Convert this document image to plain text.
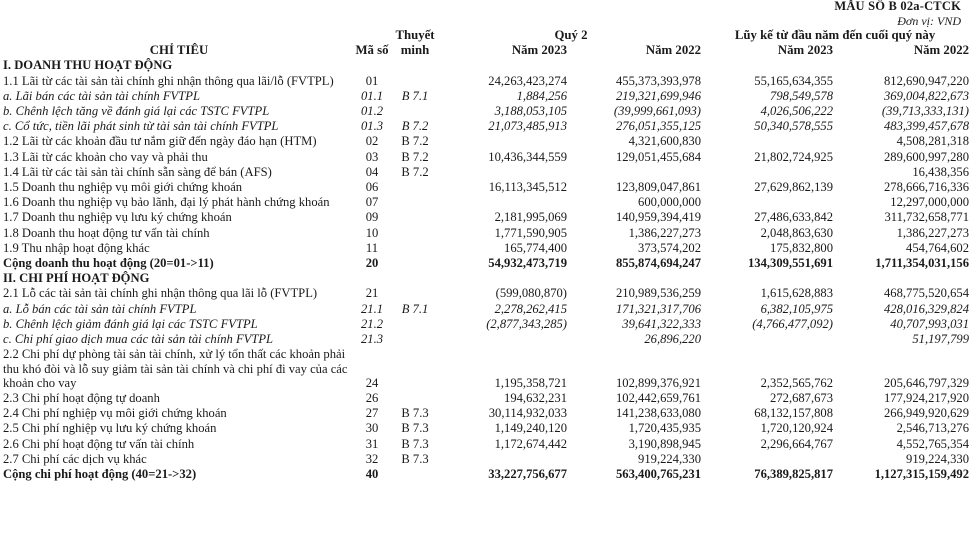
MẪU SỐ B 02a-CTCK
Đơn vị: VND
CHỈ TIÊU	Mã số	Thuyết minh	Quý 2		Lũy kế từ đầu năm đến cuối quý này	
			Năm 2023	Năm 2022	Năm 2023	Năm 2022
I. DOANH THU HOẠT ĐỘNG						
1.1 Lãi từ các tài sản tài chính ghi nhận thông qua lãi/lỗ (FVTPL)	01		24,263,423,274	455,373,393,978	55,165,634,355	812,690,947,220
a. Lãi bán các tài sản tài chính FVTPL	01.1	B 7.1	1,884,256	219,321,699,946	798,549,578	369,004,822,673
b. Chênh lệch tăng về đánh giá lại các TSTC FVTPL	01.2		3,188,053,105	(39,999,661,093)	4,026,506,222	(39,713,333,131)
c. Cổ tức, tiền lãi phát sinh từ tài sản tài chính FVTPL	01.3	B 7.2	21,073,485,913	276,051,355,125	50,340,578,555	483,399,457,678
1.2 Lãi từ các khoản đầu tư nắm giữ đến ngày đáo hạn (HTM)	02	B 7.2		4,321,600,830		4,508,281,318
1.3 Lãi từ các khoản cho vay và phải thu	03	B 7.2	10,436,344,559	129,051,455,684	21,802,724,925	289,600,997,280
1.4 Lãi từ các tài sản tài chính sẵn sàng để bán (AFS)	04	B 7.2				16,438,356
1.5 Doanh thu nghiệp vụ môi giới chứng khoán	06		16,113,345,512	123,809,047,861	27,629,862,139	278,666,716,336
1.6 Doanh thu nghiệp vụ bảo lãnh, đại lý phát hành chứng khoán	07			600,000,000		12,297,000,000
1.7 Doanh thu nghiệp vụ lưu ký chứng khoán	09		2,181,995,069	140,959,394,419	27,486,633,842	311,732,658,771
1.8 Doanh thu hoạt động tư vấn tài chính	10		1,771,590,905	1,386,227,273	2,048,863,630	1,386,227,273
1.9 Thu nhập hoạt động khác	11		165,774,400	373,574,202	175,832,800	454,764,602
Cộng doanh thu hoạt động (20=01->11)	20		54,932,473,719	855,874,694,247	134,309,551,691	1,711,354,031,156
II. CHI PHÍ HOẠT ĐỘNG						
2.1 Lỗ các tài sản tài chính ghi nhận thông qua lãi lỗ (FVTPL)	21		(599,080,870)	210,989,536,259	1,615,628,883	468,775,520,654
a. Lỗ bán các tài sản tài chính FVTPL	21.1	B 7.1	2,278,262,415	171,321,317,706	6,382,105,975	428,016,329,824
b. Chênh lệch giảm đánh giá lại các TSTC FVTPL	21.2		(2,877,343,285)	39,641,322,333	(4,766,477,092)	40,707,993,031
c. Chi phí giao dịch mua các tài sản tài chính FVTPL	21.3			26,896,220		51,197,799

2.2 Chi phí dự phòng tài sản tài chính, xử lý tổn thất các khoản phải thu khó đòi và lỗ suy giảm tài sản tài chính và chi phí đi vay của các khoản cho vay	24		1,195,358,721	102,899,376,921	2,352,565,762	205,646,797,329
2.3 Chi phí hoạt động tự doanh	26		194,632,231	102,442,659,761	272,687,673	177,924,217,920
2.4 Chi phí nghiệp vụ môi giới chứng khoán	27	B 7.3	30,114,932,033	141,238,633,080	68,132,157,808	266,949,920,629
2.5 Chi phí nghiệp vụ lưu ký chứng khoán	30	B 7.3	1,149,240,120	1,720,435,935	1,720,120,924	2,546,713,276
2.6 Chi phí hoạt động tư vấn tài chính	31	B 7.3	1,172,674,442	3,190,898,945	2,296,664,767	4,552,765,354
2.7 Chi phí các dịch vụ khác	32	B 7.3		919,224,330		919,224,330
Cộng chi phí hoạt động (40=21->32)	40		33,227,756,677	563,400,765,231	76,389,825,817	1,127,315,159,492
